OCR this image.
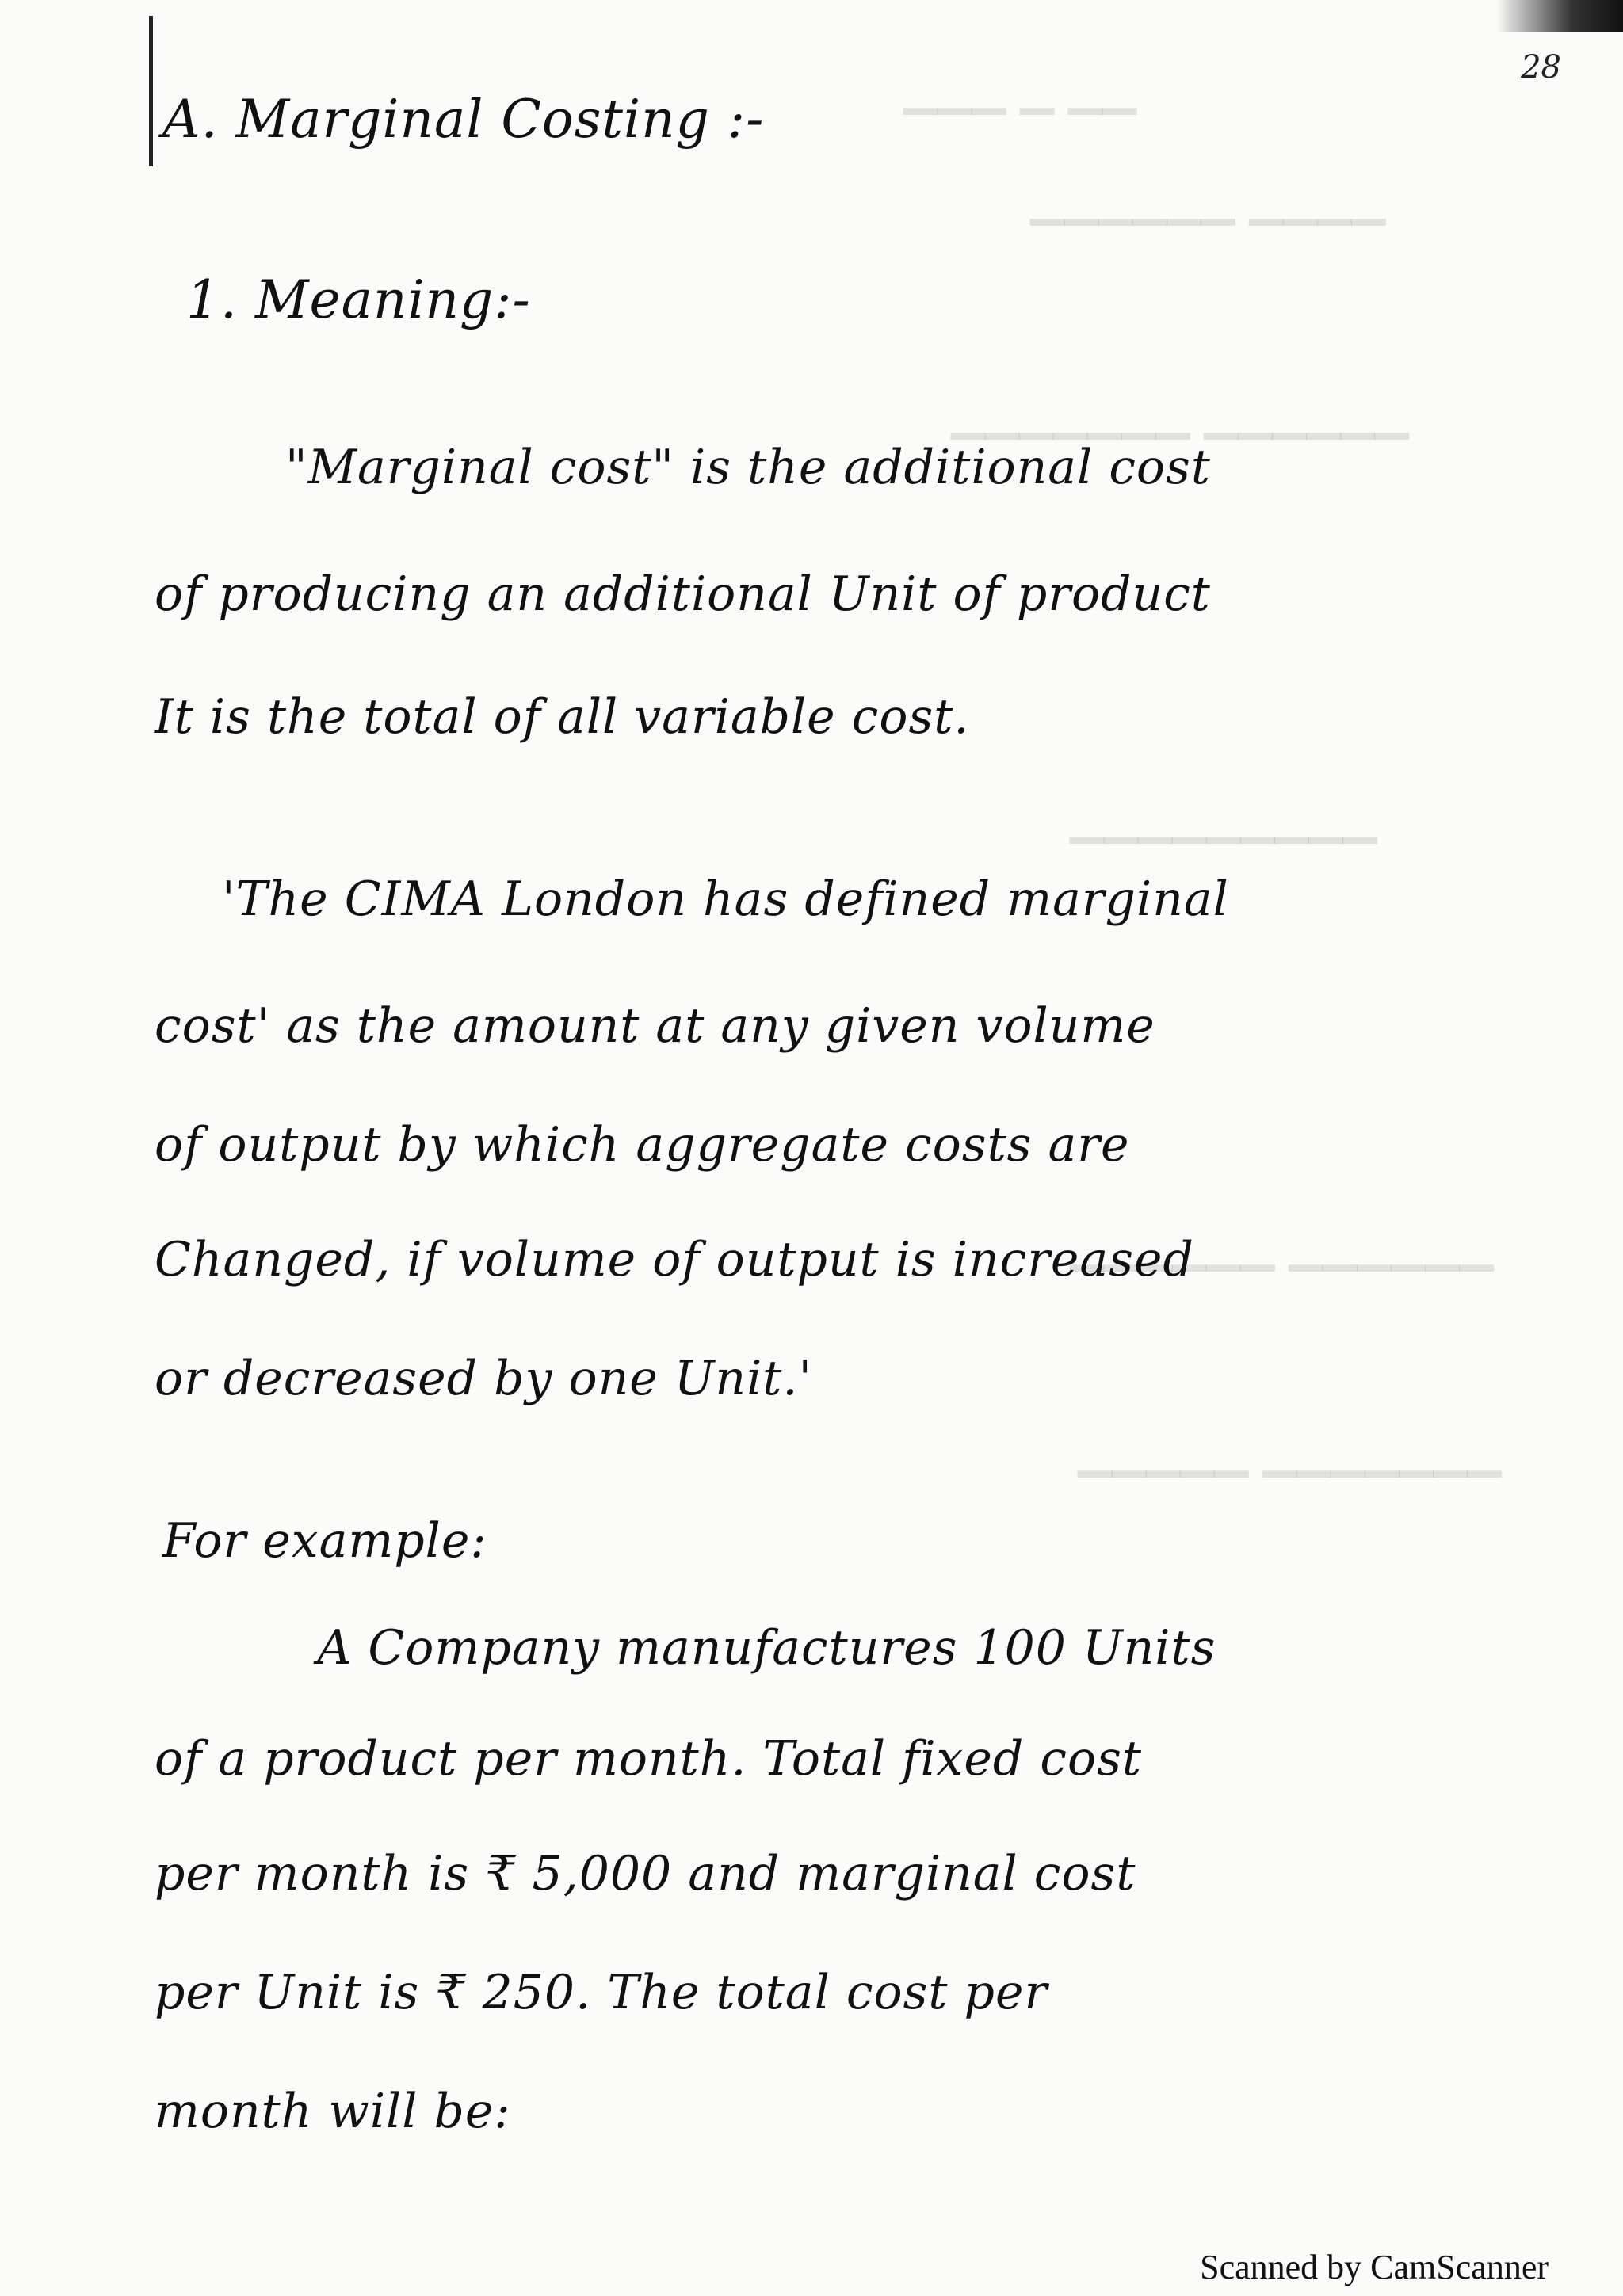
▁▁▁ ▁ ▁▁
▁▁▁▁▁▁ ▁▁▁▁
▁▁▁▁▁▁▁ ▁▁▁▁▁▁
▁▁▁▁▁▁▁▁▁
▁▁▁▁▁▁ ▁▁▁▁▁▁
▁▁▁▁▁ ▁▁▁▁▁▁▁
28
A. Marginal Costing :-
1. Meaning:-
"Marginal cost" is the additional cost
of producing an additional Unit of product
It is the total of all variable cost.
'The CIMA London has defined marginal
cost' as the amount at any given volume
of output by which aggregate costs are
Changed, if volume of output is increased
or decreased by one Unit.'
For example:
A Company manufactures 100 Units
of a product per month. Total fixed cost
per month is ₹ 5,000 and marginal cost
per Unit is ₹ 250. The total cost per
month will be:
Scanned by CamScanner
